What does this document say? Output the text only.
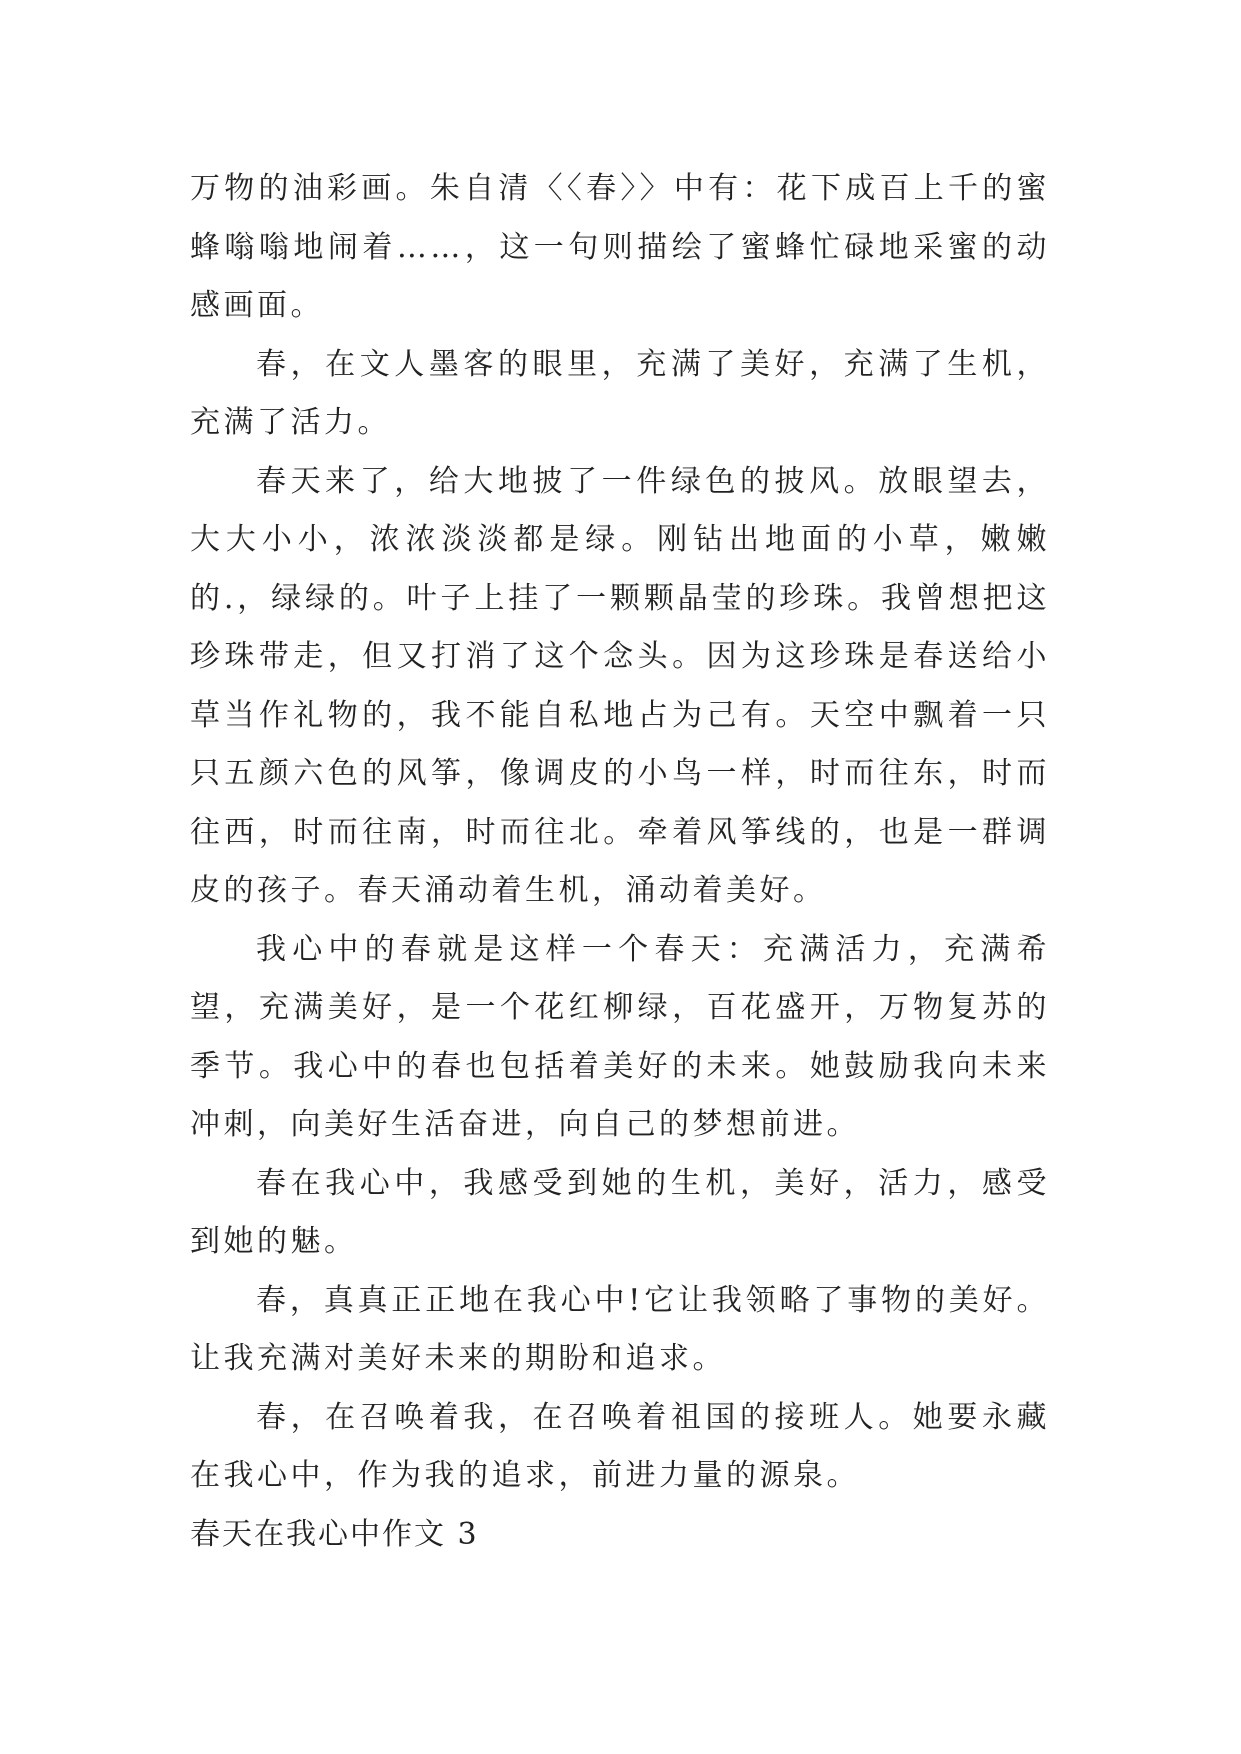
万物的油彩画。朱自清〈〈春〉〉中有：花下成百上千的蜜蜂嗡嗡地闹着……，这一句则描绘了蜜蜂忙碌地采蜜的动感画面。

春，在文人墨客的眼里，充满了美好，充满了生机，充满了活力。

春天来了，给大地披了一件绿色的披风。放眼望去，大大小小，浓浓淡淡都是绿。刚钻出地面的小草，嫩嫩的.，绿绿的。叶子上挂了一颗颗晶莹的珍珠。我曾想把这珍珠带走，但又打消了这个念头。因为这珍珠是春送给小草当作礼物的，我不能自私地占为己有。天空中飘着一只只五颜六色的风筝，像调皮的小鸟一样，时而往东，时而往西，时而往南，时而往北。牵着风筝线的，也是一群调皮的孩子。春天涌动着生机，涌动着美好。

我心中的春就是这样一个春天：充满活力，充满希望，充满美好，是一个花红柳绿，百花盛开，万物复苏的季节。我心中的春也包括着美好的未来。她鼓励我向未来冲刺，向美好生活奋进，向自己的梦想前进。

春在我心中，我感受到她的生机，美好，活力，感受到她的魅。

春，真真正正地在我心中!它让我领略了事物的美好。让我充满对美好未来的期盼和追求。

春，在召唤着我，在召唤着祖国的接班人。她要永藏在我心中，作为我的追求，前进力量的源泉。

春天在我心中作文 3
